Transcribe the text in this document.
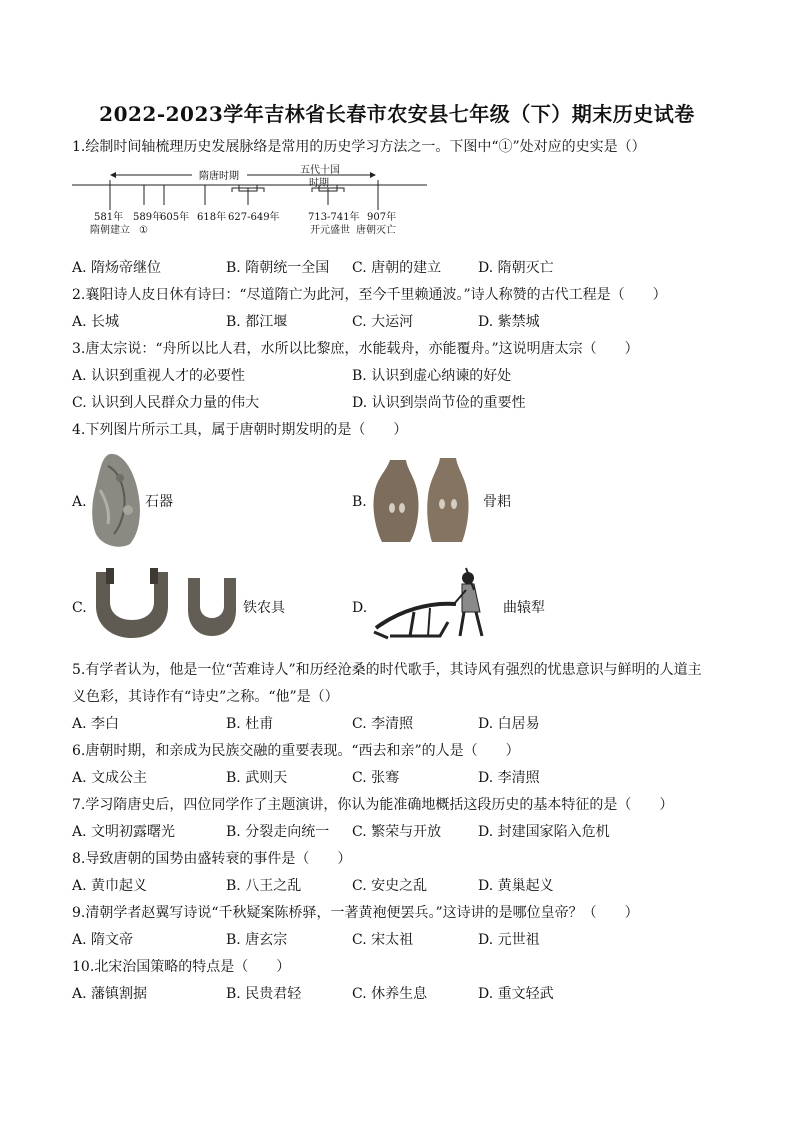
2022-2023学年吉林省长春市农安县七年级（下）期末历史试卷
1.绘制时间轴梳理历史发展脉络是常用的历史学习方法之一。下图中“①”处对应的史实是（）
隋唐时期
五代十国
时期
581年
隋朝建立
589年
①
605年 618年 627-649年	713-741年
开元盛世
907年
唐朝灭亡
A. 隋炀帝继位	B. 隋朝统一全国 C. 唐朝的建立	D. 隋朝灭亡
2.襄阳诗人皮日休有诗曰：“尽道隋亡为此河，至今千里赖通波。”诗人称赞的古代工程是（　　）
A. 长城	B. 都江堰	C. 大运河	D. 紫禁城
3.唐太宗说：“舟所以比人君，水所以比黎庶，水能载舟，亦能覆舟。”这说明唐太宗（　　）
A. 认识到重视人才的必要性	B. 认识到虚心纳谏的好处
C. 认识到人民群众力量的伟大	D. 认识到崇尚节俭的重要性
4.下列图片所示工具，属于唐朝时期发明的是（　　）
A.	石器	B.	骨耜
C.	铁农具	D.	曲辕犁
5.有学者认为，他是一位“苦难诗人”和历经沧桑的时代歌手，其诗风有强烈的忧患意识与鲜明的人道主
义色彩，其诗作有“诗史”之称。“他”是（）
A. 李白	B. 杜甫	C. 李清照	D. 白居易
6.唐朝时期，和亲成为民族交融的重要表现。“西去和亲”的人是（　　）
A. 文成公主	B. 武则天	C. 张骞	D. 李清照
7.学习隋唐史后，四位同学作了主题演讲，你认为能准确地概括这段历史的基本特征的是（　　）
A. 文明初露曙光	B. 分裂走向统一 C. 繁荣与开放	D. 封建国家陷入危机
8.导致唐朝的国势由盛转衰的事件是（　　）
A. 黄巾起义	B. 八王之乱	C. 安史之乱	D. 黄巢起义
9.清朝学者赵翼写诗说“千秋疑案陈桥驿，一著黄袍便罢兵。”这诗讲的是哪位皇帝？（　　）
A. 隋文帝	B. 唐玄宗	C. 宋太祖	D. 元世祖
10.北宋治国策略的特点是（　　）
A. 藩镇割据	B. 民贵君轻	C. 休养生息	D. 重文轻武
